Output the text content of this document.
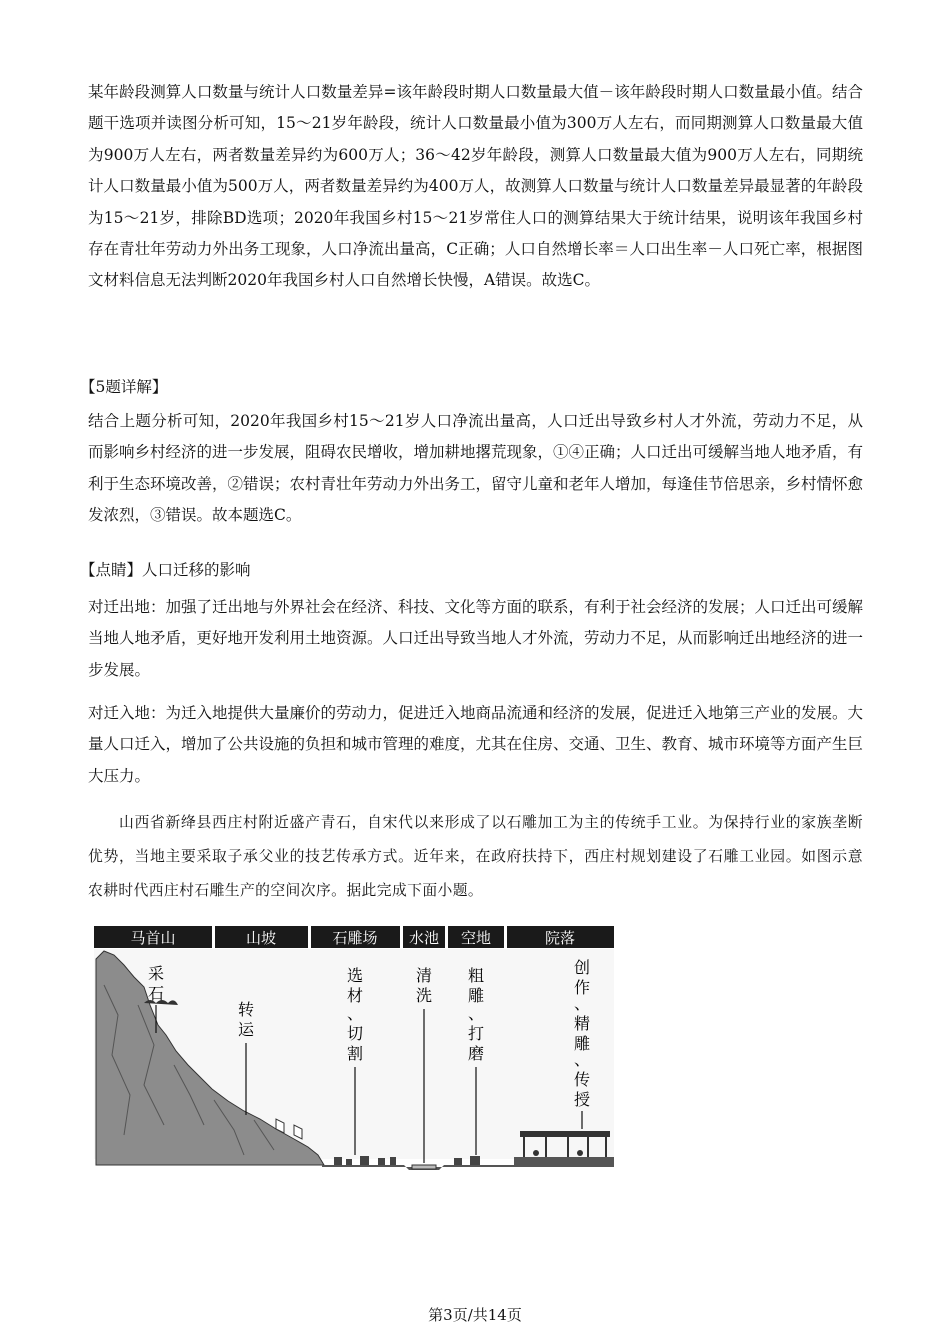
某年龄段测算人口数量与统计人口数量差异=该年龄段时期人口数量最大值－该年龄段时期人口数量最小值。结合题干选项并读图分析可知，15～21岁年龄段，统计人口数量最小值为300万人左右，而同期测算人口数量最大值为900万人左右，两者数量差异约为600万人；36～42岁年龄段，测算人口数量最大值为900万人左右，同期统计人口数量最小值为500万人，两者数量差异约为400万人，故测算人口数量与统计人口数量差异最显著的年龄段为15～21岁，排除BD选项；2020年我国乡村15～21岁常住人口的测算结果大于统计结果，说明该年我国乡村存在青壮年劳动力外出务工现象，人口净流出量高，C正确；人口自然增长率＝人口出生率－人口死亡率，根据图文材料信息无法判断2020年我国乡村人口自然增长快慢，A错误。故选C。

【5题详解】

结合上题分析可知，2020年我国乡村15～21岁人口净流出量高，人口迁出导致乡村人才外流，劳动力不足，从而影响乡村经济的进一步发展，阻碍农民增收，增加耕地撂荒现象，①④正确；人口迁出可缓解当地人地矛盾，有利于生态环境改善，②错误；农村青壮年劳动力外出务工，留守儿童和老年人增加，每逢佳节倍思亲，乡村情怀愈发浓烈，③错误。故本题选C。

【点睛】人口迁移的影响

对迁出地：加强了迁出地与外界社会在经济、科技、文化等方面的联系，有利于社会经济的发展；人口迁出可缓解当地人地矛盾，更好地开发利用土地资源。人口迁出导致当地人才外流，劳动力不足，从而影响迁出地经济的进一步发展。

对迁入地：为迁入地提供大量廉价的劳动力，促进迁入地商品流通和经济的发展，促进迁入地第三产业的发展。大量人口迁入，增加了公共设施的负担和城市管理的难度，尤其在住房、交通、卫生、教育、城市环境等方面产生巨大压力。

山西省新绛县西庄村附近盛产青石，自宋代以来形成了以石雕加工为主的传统手工业。为保持行业的家族垄断优势，当地主要采取子承父业的技艺传承方式。近年来，在政府扶持下，西庄村规划建设了石雕工业园。如图示意农耕时代西庄村石雕生产的空间次序。据此完成下面小题。

马首山	山坡	石雕场 水池 空地	院落
采
石
转
运
选
材
、
切
割
清
洗
粗
雕
、
打
磨
创
作
、
精
雕
、
传
授
第3页/共14页
